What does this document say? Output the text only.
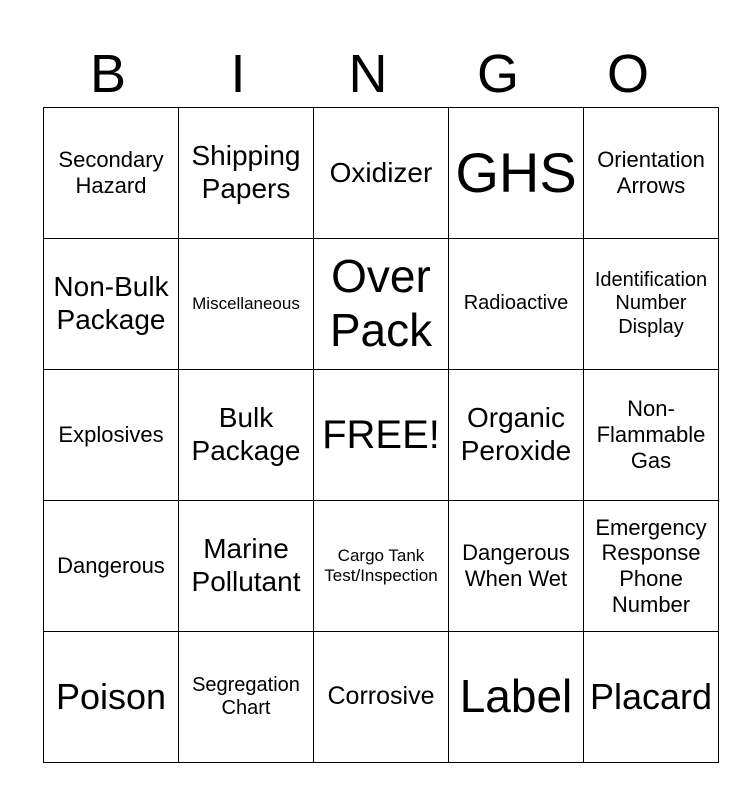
B	I	N	G	O
Secondary Hazard	Shipping Papers	Oxidizer	GHS	Orientation Arrows
Non-Bulk Package	Miscellaneous	Over Pack	Radioactive	Identification Number Display
Explosives	Bulk Package	FREE!	Organic Peroxide	Non-Flammable Gas
Dangerous	Marine Pollutant	Cargo Tank Test/Inspection	Dangerous When Wet	Emergency Response Phone Number
Poison	Segregation Chart	Corrosive	Label	Placard
